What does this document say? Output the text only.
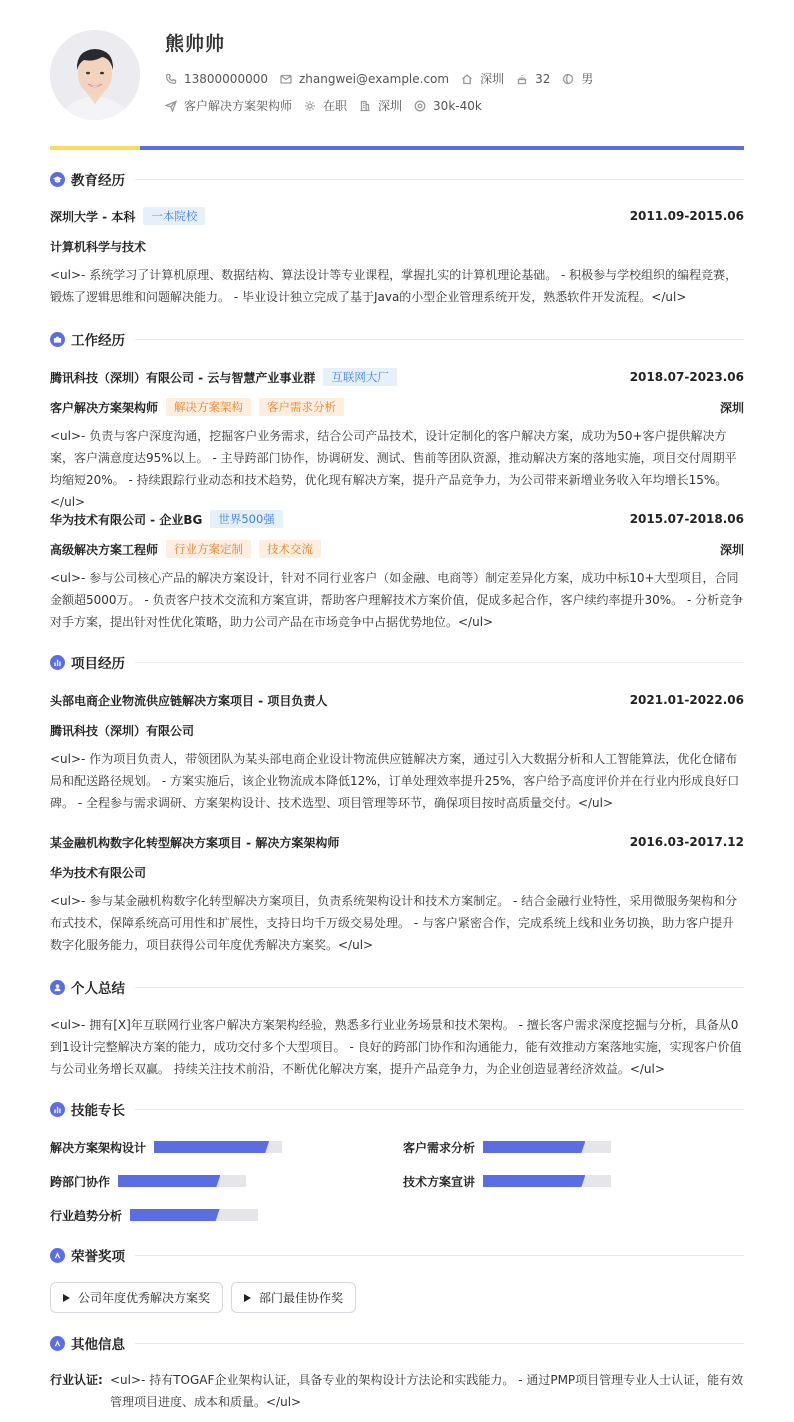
熊帅帅
13800000000	zhangwei@example.com	深圳	32	男
客户解决方案架构师	在职	深圳	30k-40k
教育经历
深圳大学 - 本科	一本院校	2011.09-2015.06
计算机科学与技术
<ul>- 系统学习了计算机原理、数据结构、算法设计等专业课程，掌握扎实的计算机理论基础。 - 积极参与学校组织的编程竞赛，锻炼了逻辑思维和问题解决能力。 - 毕业设计独立完成了基于Java的小型企业管理系统开发，熟悉软件开发流程。</ul>
工作经历
腾讯科技（深圳）有限公司 - 云与智慧产业事业群	互联网大厂	2018.07-2023.06
客户解决方案架构师	解决方案架构	客户需求分析	深圳
<ul>- 负责与客户深度沟通，挖掘客户业务需求，结合公司产品技术，设计定制化的客户解决方案，成功为50+客户提供解决方案，客户满意度达95%以上。 - 主导跨部门协作，协调研发、测试、售前等团队资源，推动解决方案的落地实施，项目交付周期平均缩短20%。 - 持续跟踪行业动态和技术趋势，优化现有解决方案，提升产品竞争力，为公司带来新增业务收入年均增长15%。</ul>
华为技术有限公司 - 企业BG	世界500强	2015.07-2018.06
高级解决方案工程师	行业方案定制	技术交流	深圳
<ul>- 参与公司核心产品的解决方案设计，针对不同行业客户（如金融、电商等）制定差异化方案，成功中标10+大型项目，合同金额超5000万。 - 负责客户技术交流和方案宣讲，帮助客户理解技术方案价值，促成多起合作，客户续约率提升30%。 - 分析竞争对手方案，提出针对性优化策略，助力公司产品在市场竞争中占据优势地位。</ul>
项目经历
头部电商企业物流供应链解决方案项目 - 项目负责人	2021.01-2022.06
腾讯科技（深圳）有限公司
<ul>- 作为项目负责人，带领团队为某头部电商企业设计物流供应链解决方案，通过引入大数据分析和人工智能算法，优化仓储布局和配送路径规划。 - 方案实施后，该企业物流成本降低12%，订单处理效率提升25%，客户给予高度评价并在行业内形成良好口碑。 - 全程参与需求调研、方案架构设计、技术选型、项目管理等环节，确保项目按时高质量交付。</ul>
某金融机构数字化转型解决方案项目 - 解决方案架构师	2016.03-2017.12
华为技术有限公司
<ul>- 参与某金融机构数字化转型解决方案项目，负责系统架构设计和技术方案制定。 - 结合金融行业特性，采用微服务架构和分布式技术，保障系统高可用性和扩展性，支持日均千万级交易处理。 - 与客户紧密合作，完成系统上线和业务切换，助力客户提升数字化服务能力，项目获得公司年度优秀解决方案奖。</ul>
个人总结
<ul>- 拥有[X]年互联网行业客户解决方案架构经验，熟悉多行业业务场景和技术架构。 - 擅长客户需求深度挖掘与分析，具备从0到1设计完整解决方案的能力，成功交付多个大型项目。 - 良好的跨部门协作和沟通能力，能有效推动方案落地实施，实现客户价值与公司业务增长双赢。 持续关注技术前沿，不断优化解决方案，提升产品竞争力，为企业创造显著经济效益。</ul>
技能专长
解决方案架构设计	客户需求分析
跨部门协作	技术方案宣讲
行业趋势分析
荣誉奖项
公司年度优秀解决方案奖	部门最佳协作奖
其他信息
行业认证: <ul>- 持有TOGAF企业架构认证，具备专业的架构设计方法论和实践能力。 - 通过PMP项目管理专业人士认证，能有效管理项目进度、成本和质量。</ul>
